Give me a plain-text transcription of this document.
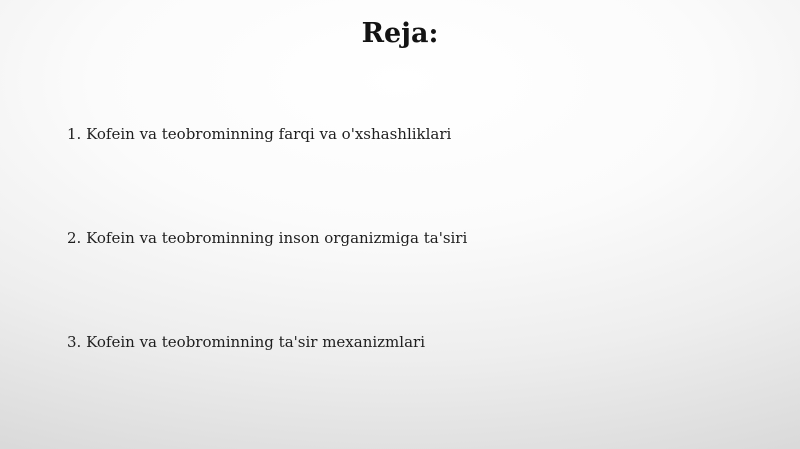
Reja:
1. Kofein va teobrominning farqi va o'xshashliklari
2. Kofein va teobrominning inson organizmiga ta'siri
3. Kofein va teobrominning ta'sir mexanizmlari
